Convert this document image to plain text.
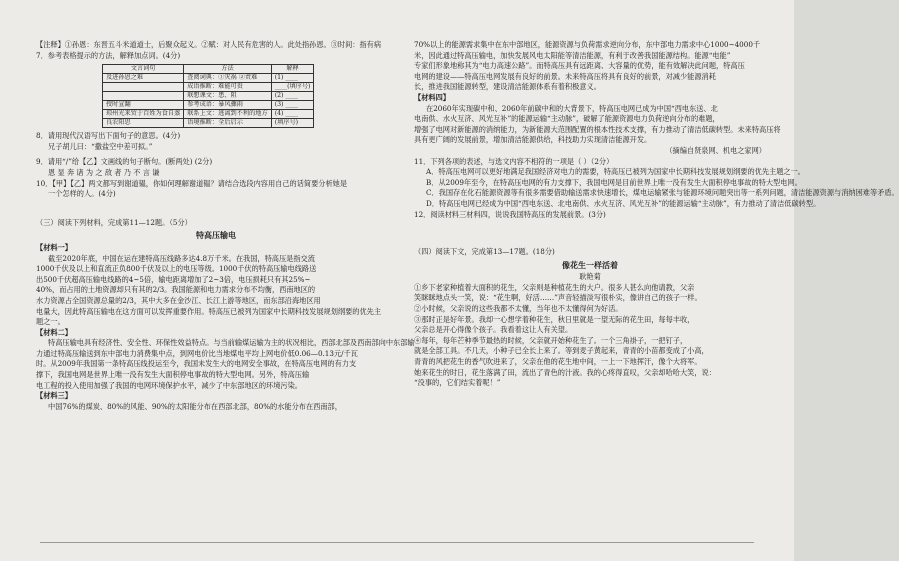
【注释】①孙恩：东晋五斗米道道士，后聚众起义。②赋：对人民有危害的人。此处指孙恩。③时间：指有病
7．参考表格提示的方法，解释加点词。(4分)
文言词句	方法	解释
及进孙恩之难	查阅词典：①灾祸 ②责难	(1) ____
	成语推断：难能可贵	____(填序号)
	联想课文：患、阻	(2) ____
授时宣翻	参考成语：暴风骤雨	(3) ____
琼州光来贸于百姓为食自蒸	联系上文：逃离到不利的地方	(4) ____
良农阳思	语境推断：全后启示	(填序号)
8．请用现代汉语写出下面句子的意思。(4分)
兄子胡儿曰：“撒盐空中差可拟。”
9．请用“/”给【乙】文画线的句子断句。(断两处) (2分)
恩 显 奔 诸 为 之 敌 者 乃 不 言 谦
10．【甲】【乙】两文都写到谢道韫，你如何理解谢道韫？请结合选段内容用自己的话简要分析她是
一个怎样的人。(4分)
（三）阅读下列材料，完成第11—12题。（5分）
特高压输电
【材料一】
截至2020年底，中国在运在建特高压线路多达4.8万千米。在我国，特高压是指交流
1000千伏及以上和直流正负800千伏及以上的电压等级。1000千伏的特高压输电线路送
出500千伏超高压输电线路的4~5倍，输电距离增加了2~3倍，电压损耗只有其25%~
40%，而占用的土地资源却只有其的2/3。我国能源和电力需求分布不均衡，西南地区的
水力资源占全国资源总量的2/3，其中大多在金沙江、长江上游等地区，而东部沿海地区用
电量大，因此特高压输电在这方面可以发挥重要作用。特高压已被列为国家中长期科技发展规划纲要的优先主
题之一。
【材料二】
特高压输电具有经济性、安全性、环保性效益特点。与当前输煤运输为主的状况相比，西部北部及西南部向中东部输
力通过特高压输送到东中部电力消费集中点，到网电价比当地煤电平均上网电价低0.06—0.13元/千瓦
时。从2009年我国第一条特高压线投运至今，我国未发生大的电网安全事故，在特高压电网的有力支
撑下，我国电网是世界上唯一没有发生大面积停电事故的特大型电网。另外，特高压输
电工程的投入使用加强了我国的电网环境保护水平，减少了中东部地区的环境污染。
【材料三】
中国76%的煤炭、80%的风能、90%的太阳能分布在西部北部，80%的水能分布在西南部，
70%以上的能源需求集中在东中部地区，能源资源与负荷需求逆向分布，东中部电力需求中心1000~4000千
米，因此通过特高压输电，加快发展风电太阳能等清洁能源，有利于改善我国能源结构。能源“电能”
专家们形象地称其为“电力高速公路”。而特高压具有远距离、大容量的优势，能有效解决此问题，特高压
电网的建设——特高压电网发展有良好的前景。未来特高压将具有良好的前景，对减少能源消耗
长，推进我国能源转型，建设清洁能源体系有着积极意义。
【材料四】
在2060年实现碳中和、2060年前碳中和的大背景下，特高压电网已成为中国“西电东送、北
电南供、水火互济、风光互补”的能源运输“主动脉”，破解了能源资源电力负荷逆向分布的难题，
增强了电网对新能源的消纳能力，为新能源大范围配置的根本性技术支撑，有力推动了清洁低碳转型。未来特高压将
具有更广阔的发展前景，增加清洁能源供给，科技助力实现清洁能源开发。
（摘编自贤泉网、机电之家网）
11．下列各项的表述，与选文内容不相符的一项是（ ）（2分）
A．特高压电网可以更好地满足我国经济对电力的需要，特高压已被列为国家中长期科技发展规划纲要的优先主题之一。
B．从2009年至今，在特高压电网的有力支撑下，我国电网是目前世界上唯一没有发生大面积停电事故的特大型电网。
C．我国存在化石能源资源等有很多需要借助输送需求快速增长，煤电运输紧张与能源环境问题突出等一系列问题，清洁能源资源与消纳困难等矛盾。
D．特高压电网已经成为中国“西电东送、北电南供、水火互济、风光互补”的能源运输“主动脉”，有力推动了清洁低碳转型。
12．阅读材料三材料四，说说我国特高压的发展前景。(3分)
（四）阅读下文，完成第13—17题。(18分)
像花生一样活着
耿艳菊
①乡下老家种植着大面积的花生，父亲则是种植花生的大户。很多人甚么向他请教，父亲
笑眯眯地点头一笑，说：“花生啊，好活……”声音轻描淡写很朴实，像讲自己的孩子一样。
②小时候，父亲说的这些我都不太懂，当年也不太懂得何为好活。
③那时正是好年景。我却一心想学着种花生，秋日里就是一望无际的花生田，每每丰收，
父亲总是开心得像个孩子。我看着这让人有关望。
④每年，每年芒种季节最热的时候，父亲就开始种花生了。一个三角褂子，一把钉子，
就是全部工具。不几天，小种子已全长上来了。等到麦子黄起来，青青的小苗都变成了小高，
青青的风把花生的香气吹进来了，父亲在他的花生地中间，一上一下地挥汗，像个大将军。
她来花生的时日，花生落满了田，流出了青色的汁液。我的心疼得直叹，父亲却哈哈大笑，说：
“没事的，它们结实着呢！”
